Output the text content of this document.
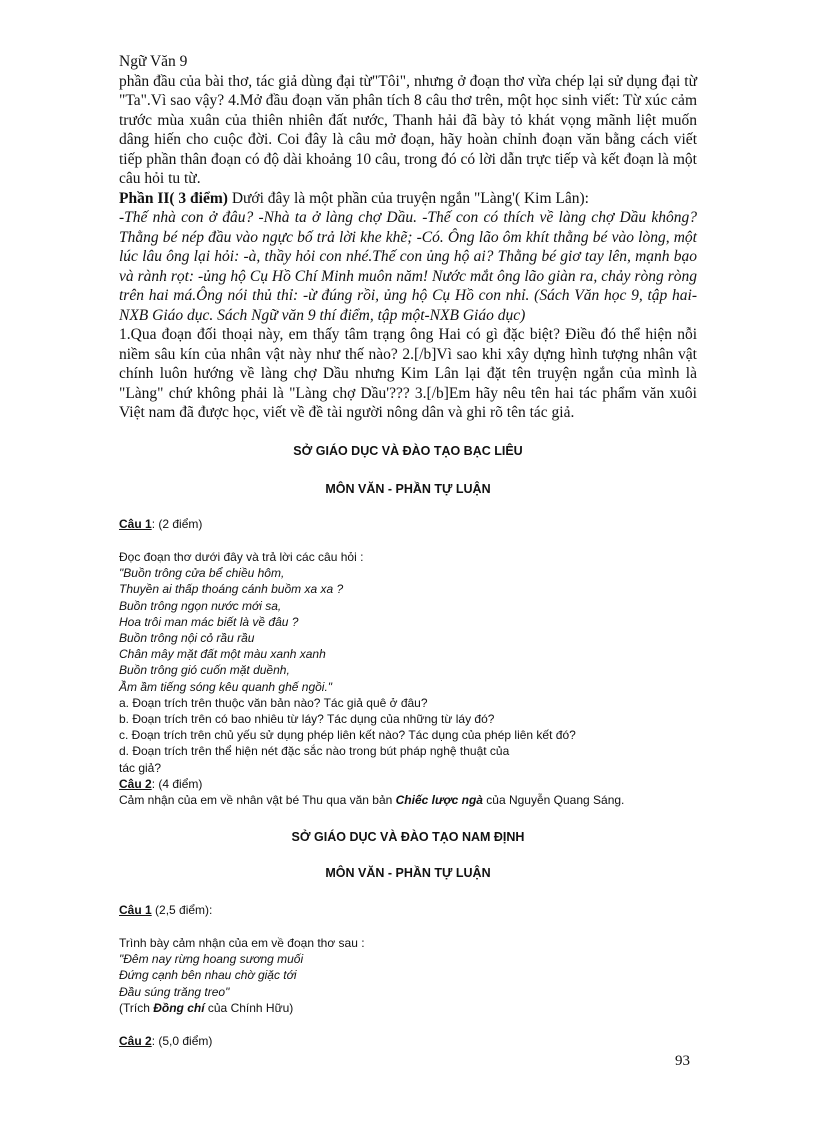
Ngữ Văn 9

phần đầu của bài thơ, tác giả dùng đại từ"Tôi", nhưng ở đoạn thơ vừa chép lại sử dụng đại từ "Ta".Vì sao vậy? 4.Mở đầu đoạn văn phân tích 8 câu thơ trên, một học sinh viết: Từ xúc cảm trước mùa xuân của thiên nhiên đất nước, Thanh hải đã bày tỏ khát vọng mãnh liệt muốn dâng hiến cho cuộc đời. Coi đây là câu mở đoạn, hãy hoàn chỉnh đoạn văn bằng cách viết tiếp phần thân đoạn có độ dài khoảng 10 câu, trong đó có lời dẫn trực tiếp và kết đoạn là một câu hỏi tu từ.

Phần II( 3 điểm) Dưới đây là một phần của truyện ngắn "Làng'( Kim Lân):

-Thế nhà con ở đâu? -Nhà ta ở làng chợ Dầu. -Thế con có thích về làng chợ Dầu không? Thằng bé nép đầu vào ngực bố trả lời khe khẽ; -Có. Ông lão ôm khít thằng bé vào lòng, một lúc lâu ông lại hỏi: -à, thầy hỏi con nhé.Thế con ủng hộ ai? Thằng bé giơ tay lên, mạnh bạo và rành rọt: -ủng hộ Cụ Hồ Chí Minh muôn năm! Nước mắt ông lão giàn ra, chảy ròng ròng trên hai má.Ông nói thủ thỉ: -ừ đúng rồi, ủng hộ Cụ Hồ con nhỉ. (Sách Văn học 9, tập hai-NXB Giáo dục. Sách Ngữ văn 9 thí điểm, tập một-NXB Giáo dục)

1.Qua đoạn đối thoại này, em thấy tâm trạng ông Hai có gì đặc biệt? Điều đó thể hiện nỗi niềm sâu kín của nhân vật này như thế nào? 2.[/b]Vì sao khi xây dựng hình tượng nhân vật chính luôn hướng về làng chợ Dầu nhưng Kim Lân lại đặt tên truyện ngắn của mình là "Làng" chứ không phải là "Làng chợ Dầu'??? 3.[/b]Em hãy nêu tên hai tác phẩm văn xuôi Việt nam đã được học, viết về đề tài người nông dân và ghi rõ tên tác giả.

SỞ GIÁO DỤC VÀ ĐÀO TẠO BẠC LIÊU
MÔN VĂN - PHẦN TỰ LUẬN

Câu 1: (2 điểm)

Đọc đoạn thơ dưới đây và trả lời các câu hỏi :

"Buồn trông cửa bể chiều hôm,

Thuyền ai thấp thoáng cánh buồm xa xa ?

Buồn trông ngọn nước mới sa,

Hoa trôi man mác biết là về đâu ?

Buồn trông nội cỏ rầu rầu

Chân mây mặt đất một màu xanh xanh

Buồn trông gió cuốn mặt duềnh,

Ầm ầm tiếng sóng kêu quanh ghế ngồi."

a. Đoạn trích trên thuộc văn bản nào? Tác giả quê ở đâu?

b. Đoạn trích trên có bao nhiêu từ láy? Tác dụng của những từ láy đó?

c. Đoạn trích trên chủ yếu sử dụng phép liên kết nào? Tác dụng của phép liên kết đó?

d. Đoạn trích trên thể hiện nét đặc sắc nào trong bút pháp nghệ thuật của

tác giả?

Câu 2: (4 điểm)

Cảm nhận của em về nhân vật bé Thu qua văn bản Chiếc lược ngà của Nguyễn Quang Sáng.

SỞ GIÁO DỤC VÀ ĐÀO TẠO NAM ĐỊNH
MÔN VĂN - PHẦN TỰ LUẬN

Câu 1 (2,5 điểm):

Trình bày cảm nhận của em về đoạn thơ sau :

"Đêm nay rừng hoang sương muối

Đứng cạnh bên nhau chờ giặc tới

Đầu súng trăng treo"

(Trích Đồng chí của Chính Hữu)

Câu 2: (5,0 điểm)

93
